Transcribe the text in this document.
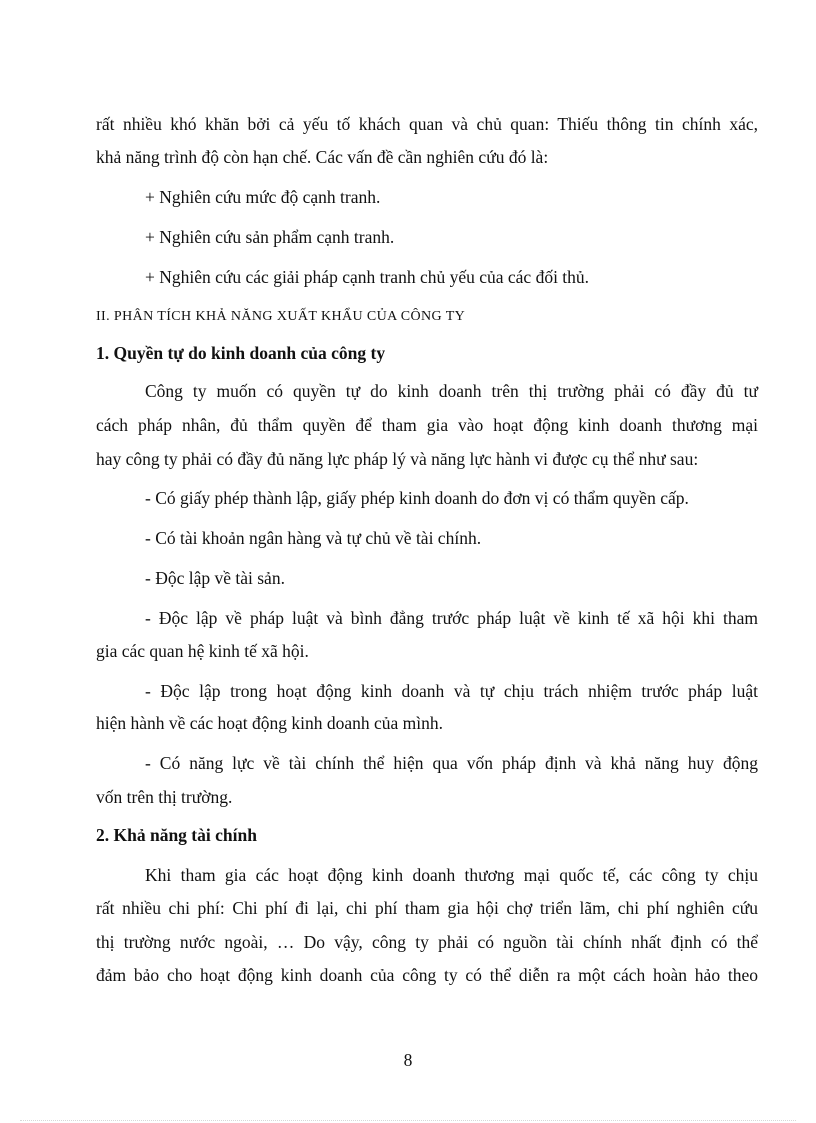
rất nhiều khó khăn bởi cả yếu tố khách quan và chủ quan: Thiếu thông tin chính xác,
khả năng trình độ còn hạn chế. Các vấn đề cần nghiên cứu đó là:
+ Nghiên cứu mức độ cạnh tranh.
+ Nghiên cứu sản phẩm cạnh tranh.
+ Nghiên cứu các giải pháp cạnh tranh chủ yếu của các đối thủ.
II. PHÂN TÍCH KHẢ NĂNG XUẤT KHẨU CỦA CÔNG TY
1. Quyền tự do kinh doanh của công ty
Công ty muốn có quyền tự do kinh doanh trên thị trường phải có đầy đủ tư
cách pháp nhân, đủ thẩm quyền để tham gia vào hoạt động kinh doanh thương mại
hay công ty phải có đầy đủ năng lực pháp lý và năng lực hành vi được cụ thể như sau:
- Có giấy phép thành lập, giấy phép kinh doanh do đơn vị có thẩm quyền cấp.
- Có tài khoản ngân hàng và tự chủ về tài chính.
- Độc lập về tài sản.
- Độc lập về pháp luật và bình đẳng trước pháp luật về kinh tế xã hội khi tham
gia các quan hệ kinh tế xã hội.
- Độc lập trong hoạt động kinh doanh và tự chịu trách nhiệm trước pháp luật
hiện hành về các hoạt động kinh doanh của mình.
- Có năng lực về tài chính thể hiện qua vốn pháp định và khả năng huy động
vốn trên thị trường.
2. Khả năng tài chính
Khi tham gia các hoạt động kinh doanh thương mại quốc tế, các công ty chịu
rất nhiều chi phí: Chi phí đi lại, chi phí tham gia hội chợ triển lãm, chi phí nghiên cứu
thị trường nước ngoài, … Do vậy, công ty phải có nguồn tài chính nhất định có thể
đảm bảo cho hoạt động kinh doanh của công ty có thể diễn ra một cách hoàn hảo theo
8
